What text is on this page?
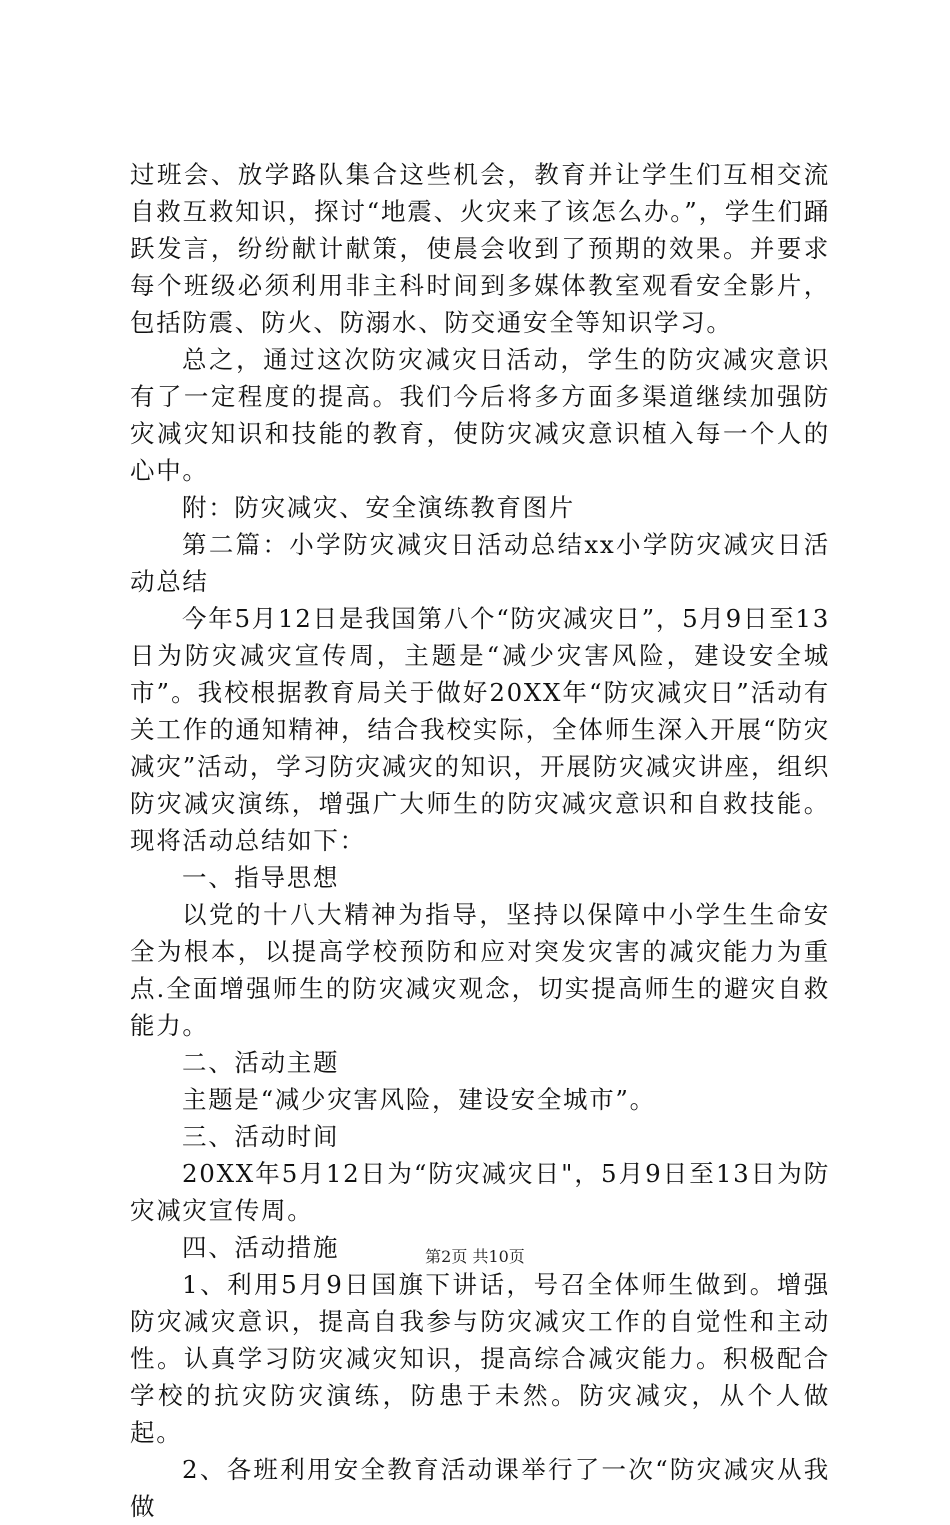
过班会、放学路队集合这些机会，教育并让学生们互相交流自救互救知识，探讨“地震、火灾来了该怎么办。”，学生们踊跃发言，纷纷献计献策，使晨会收到了预期的效果。并要求每个班级必须利用非主科时间到多媒体教室观看安全影片，包括防震、防火、防溺水、防交通安全等知识学习。

总之，通过这次防灾减灾日活动，学生的防灾减灾意识有了一定程度的提高。我们今后将多方面多渠道继续加强防灾减灾知识和技能的教育，使防灾减灾意识植入每一个人的心中。

附：防灾减灾、安全演练教育图片

第二篇：小学防灾减灾日活动总结xx小学防灾减灾日活动总结

今年5月12日是我国第八个“防灾减灾日”，5月9日至13日为防灾减灾宣传周，主题是“减少灾害风险，建设安全城市”。我校根据教育局关于做好20XX年“防灾减灾日”活动有关工作的通知精神，结合我校实际，全体师生深入开展“防灾减灾”活动，学习防灾减灾的知识，开展防灾减灾讲座，组织防灾减灾演练，增强广大师生的防灾减灾意识和自救技能。现将活动总结如下：

一、指导思想

以党的十八大精神为指导，坚持以保障中小学生生命安全为根本，以提高学校预防和应对突发灾害的减灾能力为重点.全面增强师生的防灾减灾观念，切实提高师生的避灾自救能力。

二、活动主题

主题是“减少灾害风险，建设安全城市”。

三、活动时间

20XX年5月12日为“防灾减灾日"，5月9日至13日为防灾减灾宣传周。

四、活动措施

1、利用5月9日国旗下讲话，号召全体师生做到。增强防灾减灾意识，提高自我参与防灾减灾工作的自觉性和主动性。认真学习防灾减灾知识，提高综合减灾能力。积极配合学校的抗灾防灾演练，防患于未然。防灾减灾，从个人做起。

2、各班利用安全教育活动课举行了一次“防灾减灾从我做

第2页 共10页
